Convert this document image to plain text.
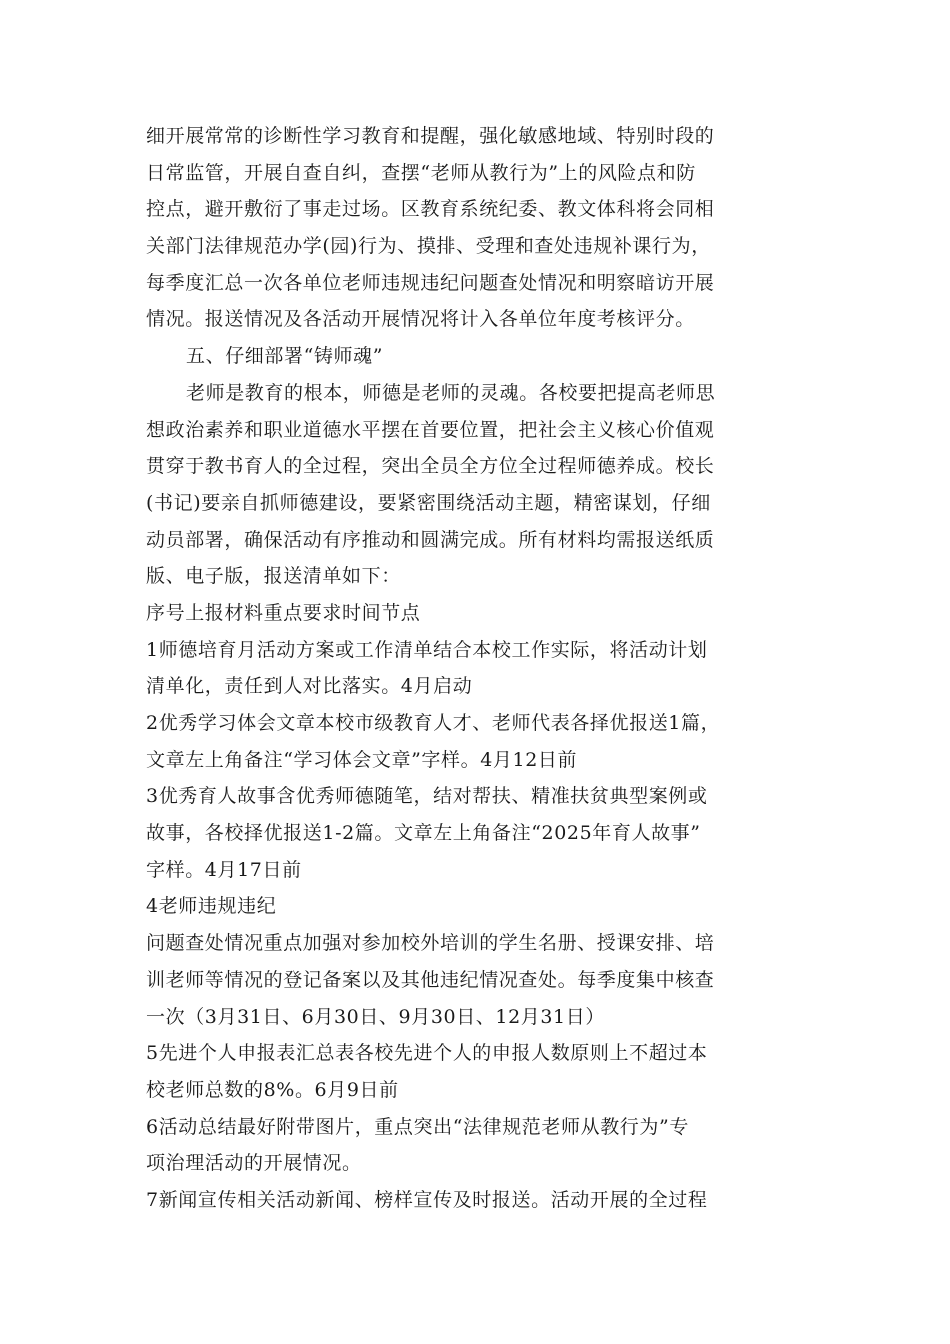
细开展常常的诊断性学习教育和提醒，强化敏感地域、特别时段的
日常监管，开展自查自纠，查摆“老师从教行为”上的风险点和防
控点，避开敷衍了事走过场。区教育系统纪委、教文体科将会同相
关部门法律规范办学(园)行为、摸排、受理和查处违规补课行为，
每季度汇总一次各单位老师违规违纪问题查处情况和明察暗访开展
情况。报送情况及各活动开展情况将计入各单位年度考核评分。
五、仔细部署“铸师魂”
老师是教育的根本，师德是老师的灵魂。各校要把提高老师思
想政治素养和职业道德水平摆在首要位置，把社会主义核心价值观
贯穿于教书育人的全过程，突出全员全方位全过程师德养成。校长
(书记)要亲自抓师德建设，要紧密围绕活动主题，精密谋划，仔细
动员部署，确保活动有序推动和圆满完成。所有材料均需报送纸质
版、电子版，报送清单如下：
序号上报材料重点要求时间节点
1师德培育月活动方案或工作清单结合本校工作实际，将活动计划
清单化，责任到人对比落实。4月启动
2优秀学习体会文章本校市级教育人才、老师代表各择优报送1篇，
文章左上角备注“学习体会文章”字样。4月12日前
3优秀育人故事含优秀师德随笔，结对帮扶、精准扶贫典型案例或
故事，各校择优报送1-2篇。文章左上角备注“2025年育人故事”
字样。4月17日前
4老师违规违纪
问题查处情况重点加强对参加校外培训的学生名册、授课安排、培
训老师等情况的登记备案以及其他违纪情况查处。每季度集中核查
一次（3月31日、6月30日、9月30日、12月31日）
5先进个人申报表汇总表各校先进个人的申报人数原则上不超过本
校老师总数的8%。6月9日前
6活动总结最好附带图片，重点突出“法律规范老师从教行为”专
项治理活动的开展情况。
7新闻宣传相关活动新闻、榜样宣传及时报送。活动开展的全过程
